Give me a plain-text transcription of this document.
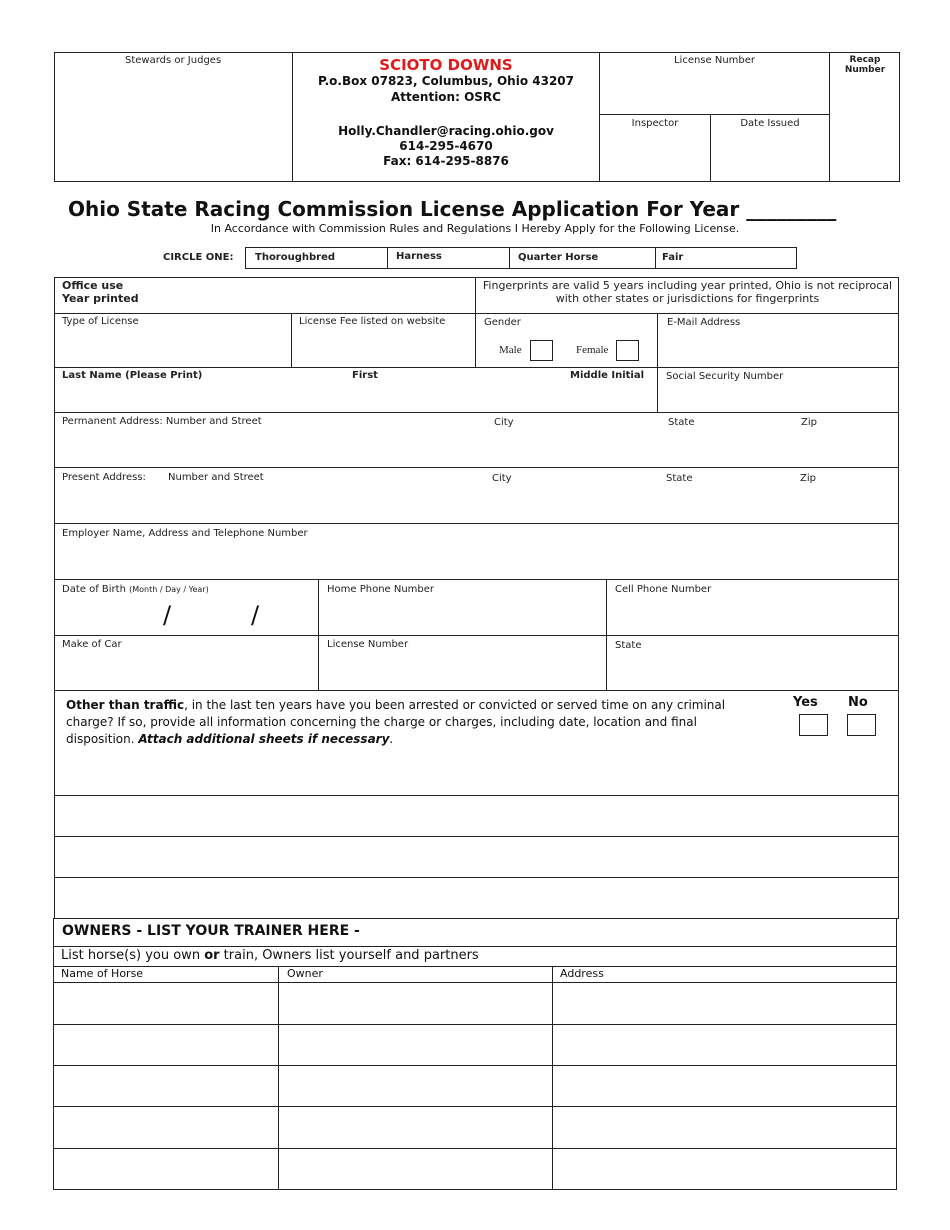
Stewards or Judges	SCIOTO DOWNS
P.o.Box 07823, Columbus, Ohio 43207
Attention: OSRC
Holly.Chandler@racing.ohio.gov
614-295-4670
Fax: 614-295-8876
License Number	Recap
Number
Inspector	Date Issued
Ohio State Racing Commission License Application For Year _________
In Accordance with Commission Rules and Regulations I Hereby Apply for the Following License.
CIRCLE ONE: Thoroughbred	Harness	Quarter Horse	Fair
Office use
Year printed
Fingerprints are valid 5 years including year printed, Ohio is not reciprocal
with other states or jurisdictions for fingerprints
Type of License	License Fee listed on website	Gender
Male	Female
E-Mail Address
Last Name (Please Print)	First	Middle Initial Social Security Number
Permanent Address: Number and Street	City	State	Zip
Present Address: Number and Street	City	State	Zip
Employer Name, Address and Telephone Number
Date of Birth (Month / Day / Year)
/	/
Home Phone Number	Cell Phone Number
Make of Car	License Number	State
Other than traffic, in the last ten years have you been arrested or convicted or served time on any criminal
charge? If so, provide all information concerning the charge or charges, including date, location and final
disposition. Attach additional sheets if necessary.
Yes No
OWNERS - LIST YOUR TRAINER HERE -
List horse(s) you own or train, Owners list yourself and partners
Name of Horse	Owner	Address
